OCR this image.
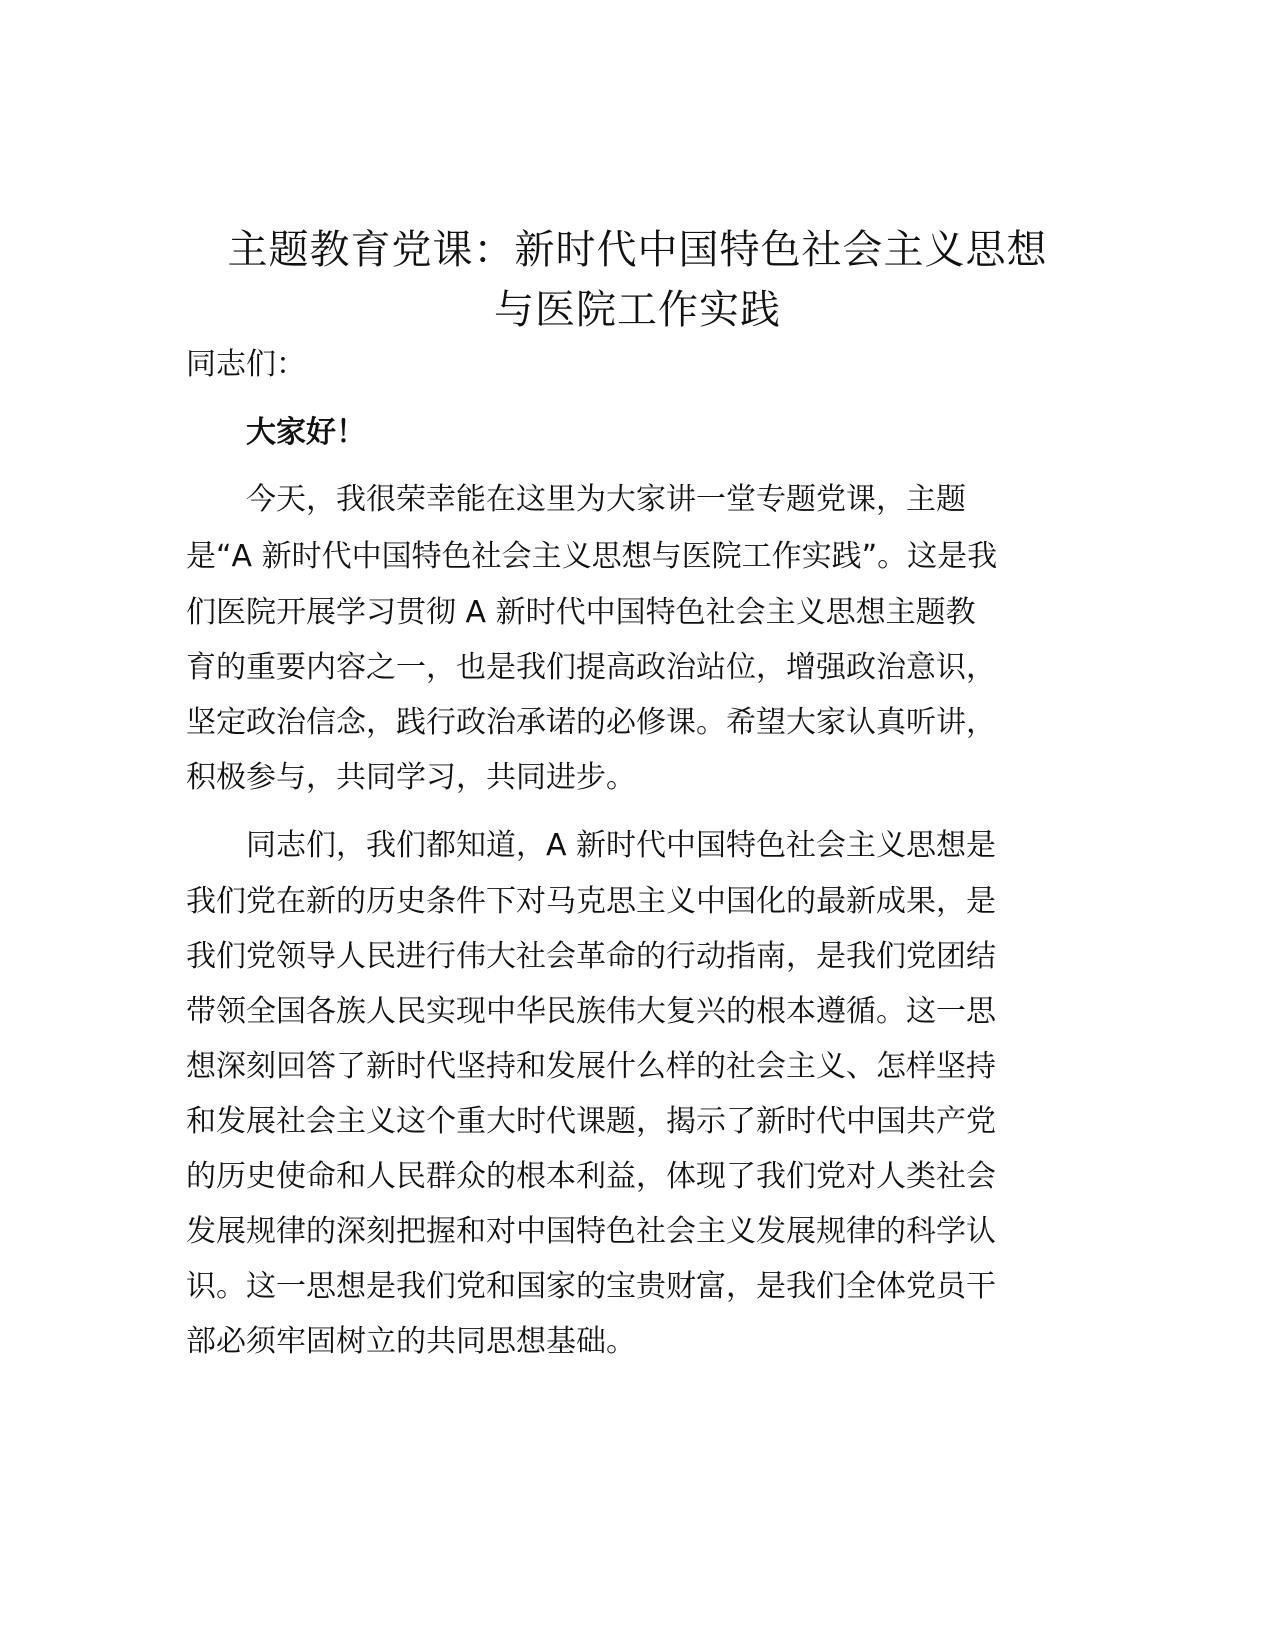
主题教育党课：新时代中国特色社会主义思想
与医院工作实践
同志们：
大家好！
今天，我很荣幸能在这里为大家讲一堂专题党课，主题
是“A 新时代中国特色社会主义思想与医院工作实践”。这是我
们医院开展学习贯彻 A 新时代中国特色社会主义思想主题教
育的重要内容之一，也是我们提高政治站位，增强政治意识，
坚定政治信念，践行政治承诺的必修课。希望大家认真听讲，
积极参与，共同学习，共同进步。
同志们，我们都知道，A 新时代中国特色社会主义思想是
我们党在新的历史条件下对马克思主义中国化的最新成果，是
我们党领导人民进行伟大社会革命的行动指南，是我们党团结
带领全国各族人民实现中华民族伟大复兴的根本遵循。这一思
想深刻回答了新时代坚持和发展什么样的社会主义、怎样坚持
和发展社会主义这个重大时代课题，揭示了新时代中国共产党
的历史使命和人民群众的根本利益，体现了我们党对人类社会
发展规律的深刻把握和对中国特色社会主义发展规律的科学认
识。这一思想是我们党和国家的宝贵财富，是我们全体党员干
部必须牢固树立的共同思想基础。
